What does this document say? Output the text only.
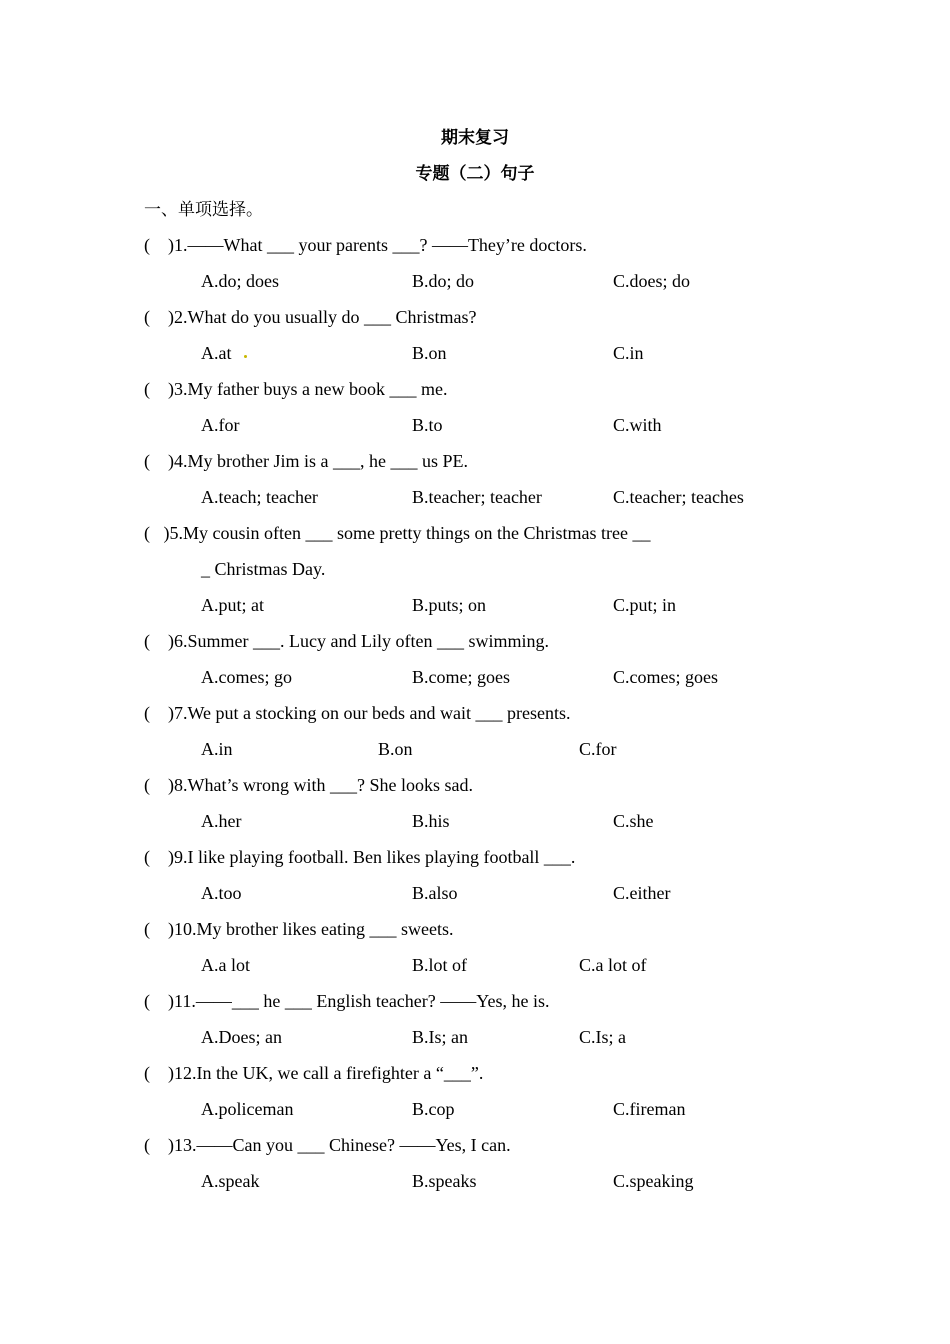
期末复习
专题（二）句子
一、单项选择。
(    )1.——What ___ your parents ___? ——They’re doctors.
A.do; does	B.do; do	C.does; do
(    )2.What do you usually do ___ Christmas?
A.at	B.on	C.in
(    )3.My father buys a new book ___ me.
A.for	B.to	C.with
(    )4.My brother Jim is a ___, he ___ us PE.
A.teach; teacher	B.teacher; teacher	C.teacher; teaches
(   )5.My cousin often ___ some pretty things on the Christmas tree __
_ Christmas Day.
A.put; at	B.puts; on	C.put; in
(    )6.Summer ___. Lucy and Lily often ___ swimming.
A.comes; go	B.come; goes	C.comes; goes
(    )7.We put a stocking on our beds and wait ___ presents.
A.in	B.on	C.for
(    )8.What’s wrong with ___? She looks sad.
A.her	B.his	C.she
(    )9.I like playing football. Ben likes playing football ___.
A.too	B.also	C.either
(    )10.My brother likes eating ___ sweets.
A.a lot	B.lot of	C.a lot of
(    )11.——___ he ___ English teacher? ——Yes, he is.
A.Does; an	B.Is; an	C.Is; a
(    )12.In the UK, we call a firefighter a “___”.
A.policeman	B.cop	C.fireman
(    )13.——Can you ___ Chinese? ——Yes, I can.
A.speak	B.speaks	C.speaking
